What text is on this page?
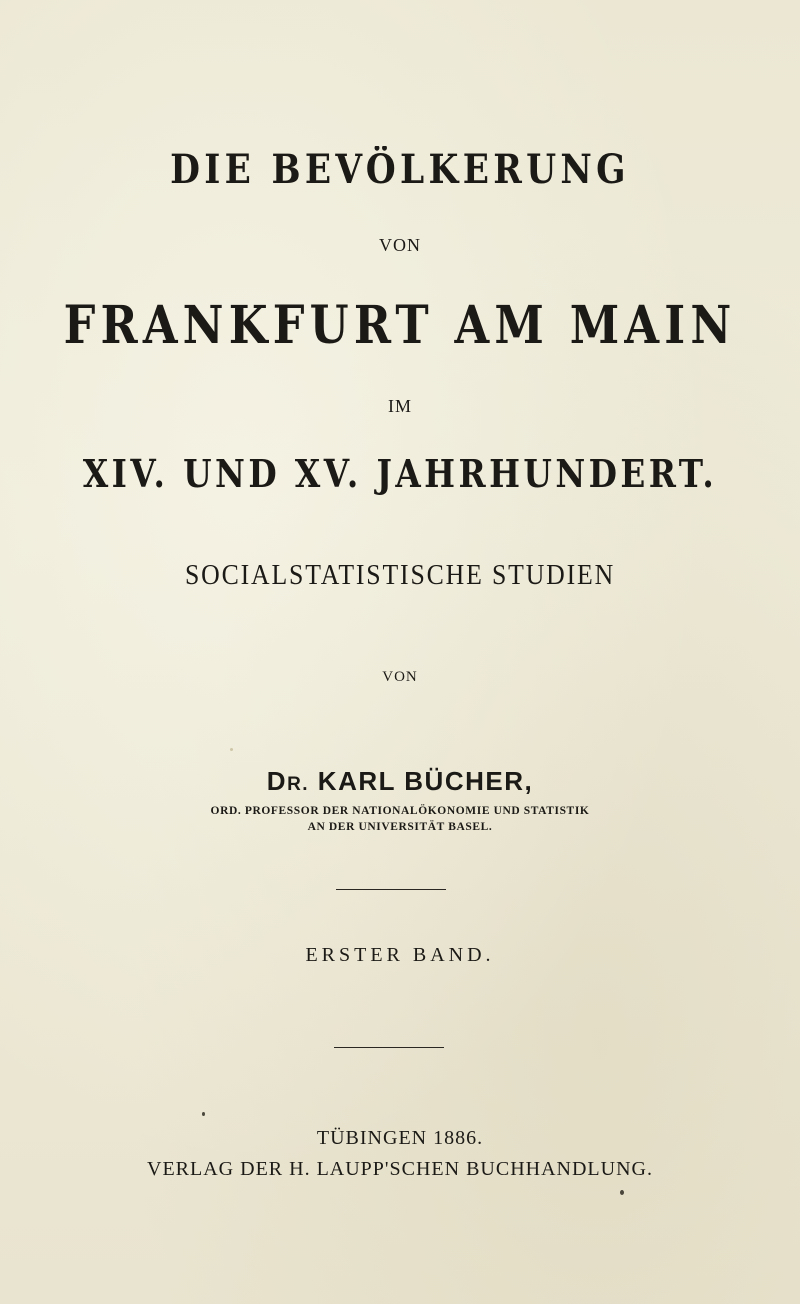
DIE BEVÖLKERUNG
VON
FRANKFURT AM MAIN
IM
XIV. UND XV. JAHRHUNDERT.
SOCIALSTATISTISCHE STUDIEN
VON
DR. KARL BÜCHER,
ORD. PROFESSOR DER NATIONALÖKONOMIE UND STATISTIK
AN DER UNIVERSITÄT BASEL.
ERSTER BAND.
TÜBINGEN 1886.
VERLAG DER H. LAUPP'SCHEN BUCHHANDLUNG.
